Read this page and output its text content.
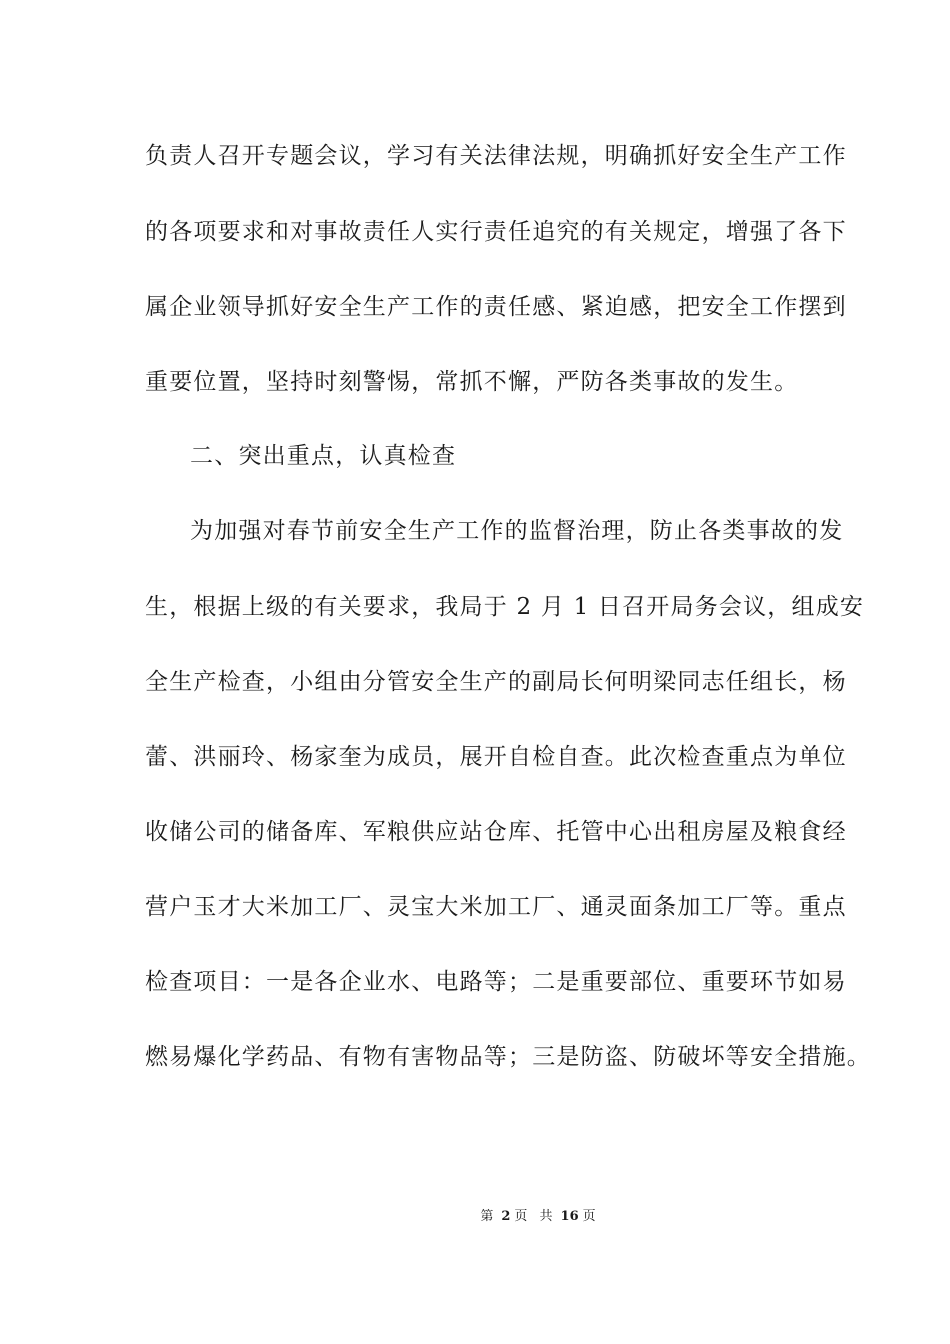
负责人召开专题会议，学习有关法律法规，明确抓好安全生产工作
的各项要求和对事故责任人实行责任追究的有关规定，增强了各下
属企业领导抓好安全生产工作的责任感、紧迫感，把安全工作摆到
重要位置，坚持时刻警惕，常抓不懈，严防各类事故的发生。
二、突出重点，认真检查
为加强对春节前安全生产工作的监督治理，防止各类事故的发
生，根据上级的有关要求，我局于 2 月 1 日召开局务会议，组成安
全生产检查，小组由分管安全生产的副局长何明梁同志任组长，杨
蕾、洪丽玲、杨家奎为成员，展开自检自查。此次检查重点为单位
收储公司的储备库、军粮供应站仓库、托管中心出租房屋及粮食经
营户玉才大米加工厂、灵宝大米加工厂、通灵面条加工厂等。重点
检查项目：一是各企业水、电路等；二是重要部位、重要环节如易
燃易爆化学药品、有物有害物品等；三是防盗、防破坏等安全措施。
第 2 页 共 16 页
